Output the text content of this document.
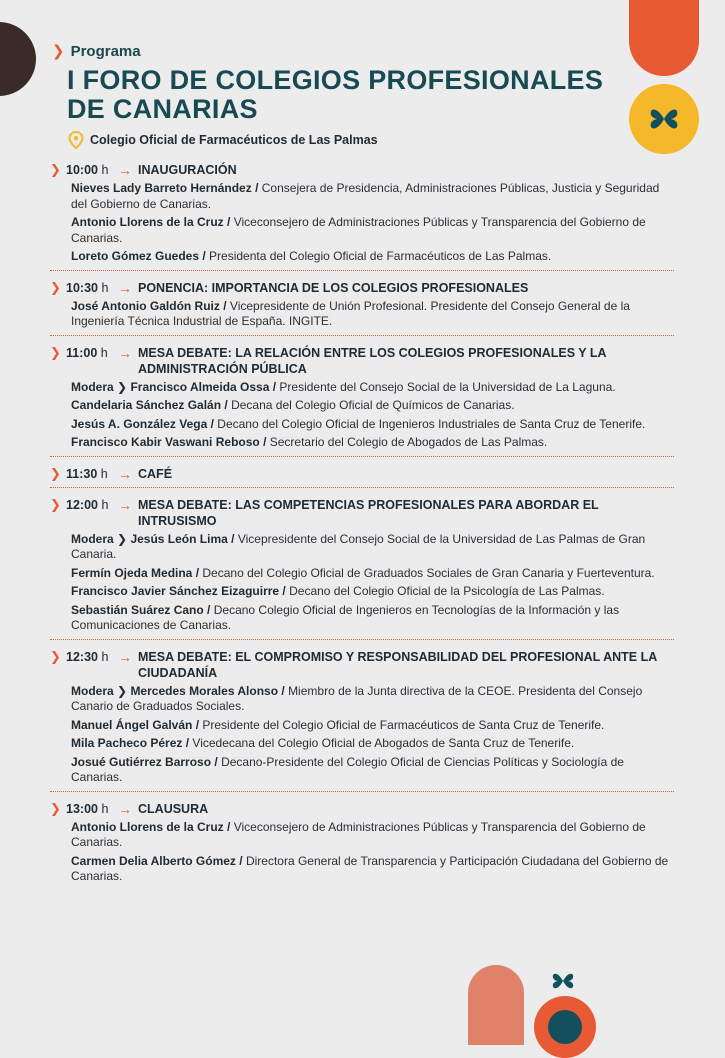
❯ Programa
I FORO DE COLEGIOS PROFESIONALES
DE CANARIAS
Colegio Oficial de Farmacéuticos de Las Palmas
❯ 10:00 h → INAUGURACIÓN
Nieves Lady Barreto Hernández / Consejera de Presidencia, Administraciones Públicas, Justicia y Seguridad del Gobierno de Canarias.
Antonio Llorens de la Cruz / Viceconsejero de Administraciones Públicas y Transparencia del Gobierno de Canarias.
Loreto Gómez Guedes / Presidenta del Colegio Oficial de Farmacéuticos de Las Palmas.
❯ 10:30 h → PONENCIA: IMPORTANCIA DE LOS COLEGIOS PROFESIONALES
José Antonio Galdón Ruiz / Vicepresidente de Unión Profesional. Presidente del Consejo General de la Ingeniería Técnica Industrial de España. INGITE.
❯ 11:00 h → MESA DEBATE: LA RELACIÓN ENTRE LOS COLEGIOS PROFESIONALES Y LA ADMINISTRACIÓN PÚBLICA
Modera ❯ Francisco Almeida Ossa / Presidente del Consejo Social de la Universidad de La Laguna.
Candelaria Sánchez Galán / Decana del Colegio Oficial de Químicos de Canarias.
Jesús A. González Vega / Decano del Colegio Oficial de Ingenieros Industriales de Santa Cruz de Tenerife.
Francisco Kabir Vaswani Reboso / Secretario del Colegio de Abogados de Las Palmas.
❯ 11:30 h → CAFÉ
❯ 12:00 h → MESA DEBATE: LAS COMPETENCIAS PROFESIONALES PARA ABORDAR EL INTRUSISMO
Modera ❯ Jesús León Lima / Vicepresidente del Consejo Social de la Universidad de Las Palmas de Gran Canaria.
Fermín Ojeda Medina / Decano del Colegio Oficial de Graduados Sociales de Gran Canaria y Fuerteventura.
Francisco Javier Sánchez Eizaguirre / Decano del Colegio Oficial de la Psicología de Las Palmas.
Sebastián Suárez Cano / Decano Colegio Oficial de Ingenieros en Tecnologías de la Información y las Comunicaciones de Canarias.
❯ 12:30 h → MESA DEBATE: EL COMPROMISO Y RESPONSABILIDAD DEL PROFESIONAL ANTE LA CIUDADANÍA
Modera ❯ Mercedes Morales Alonso / Miembro de la Junta directiva de la CEOE. Presidenta del Consejo Canario de Graduados Sociales.
Manuel Ángel Galván / Presidente del Colegio Oficial de Farmacéuticos de Santa Cruz de Tenerife.
Mila Pacheco Pérez / Vicedecana del Colegio Oficial de Abogados de Santa Cruz de Tenerife.
Josué Gutiérrez Barroso / Decano-Presidente del Colegio Oficial de Ciencias Políticas y Sociología de Canarias.
❯ 13:00 h → CLAUSURA
Antonio Llorens de la Cruz / Viceconsejero de Administraciones Públicas y Transparencia del Gobierno de Canarias.
Carmen Delia Alberto Gómez / Directora General de Transparencia y Participación Ciudadana del Gobierno de Canarias.
